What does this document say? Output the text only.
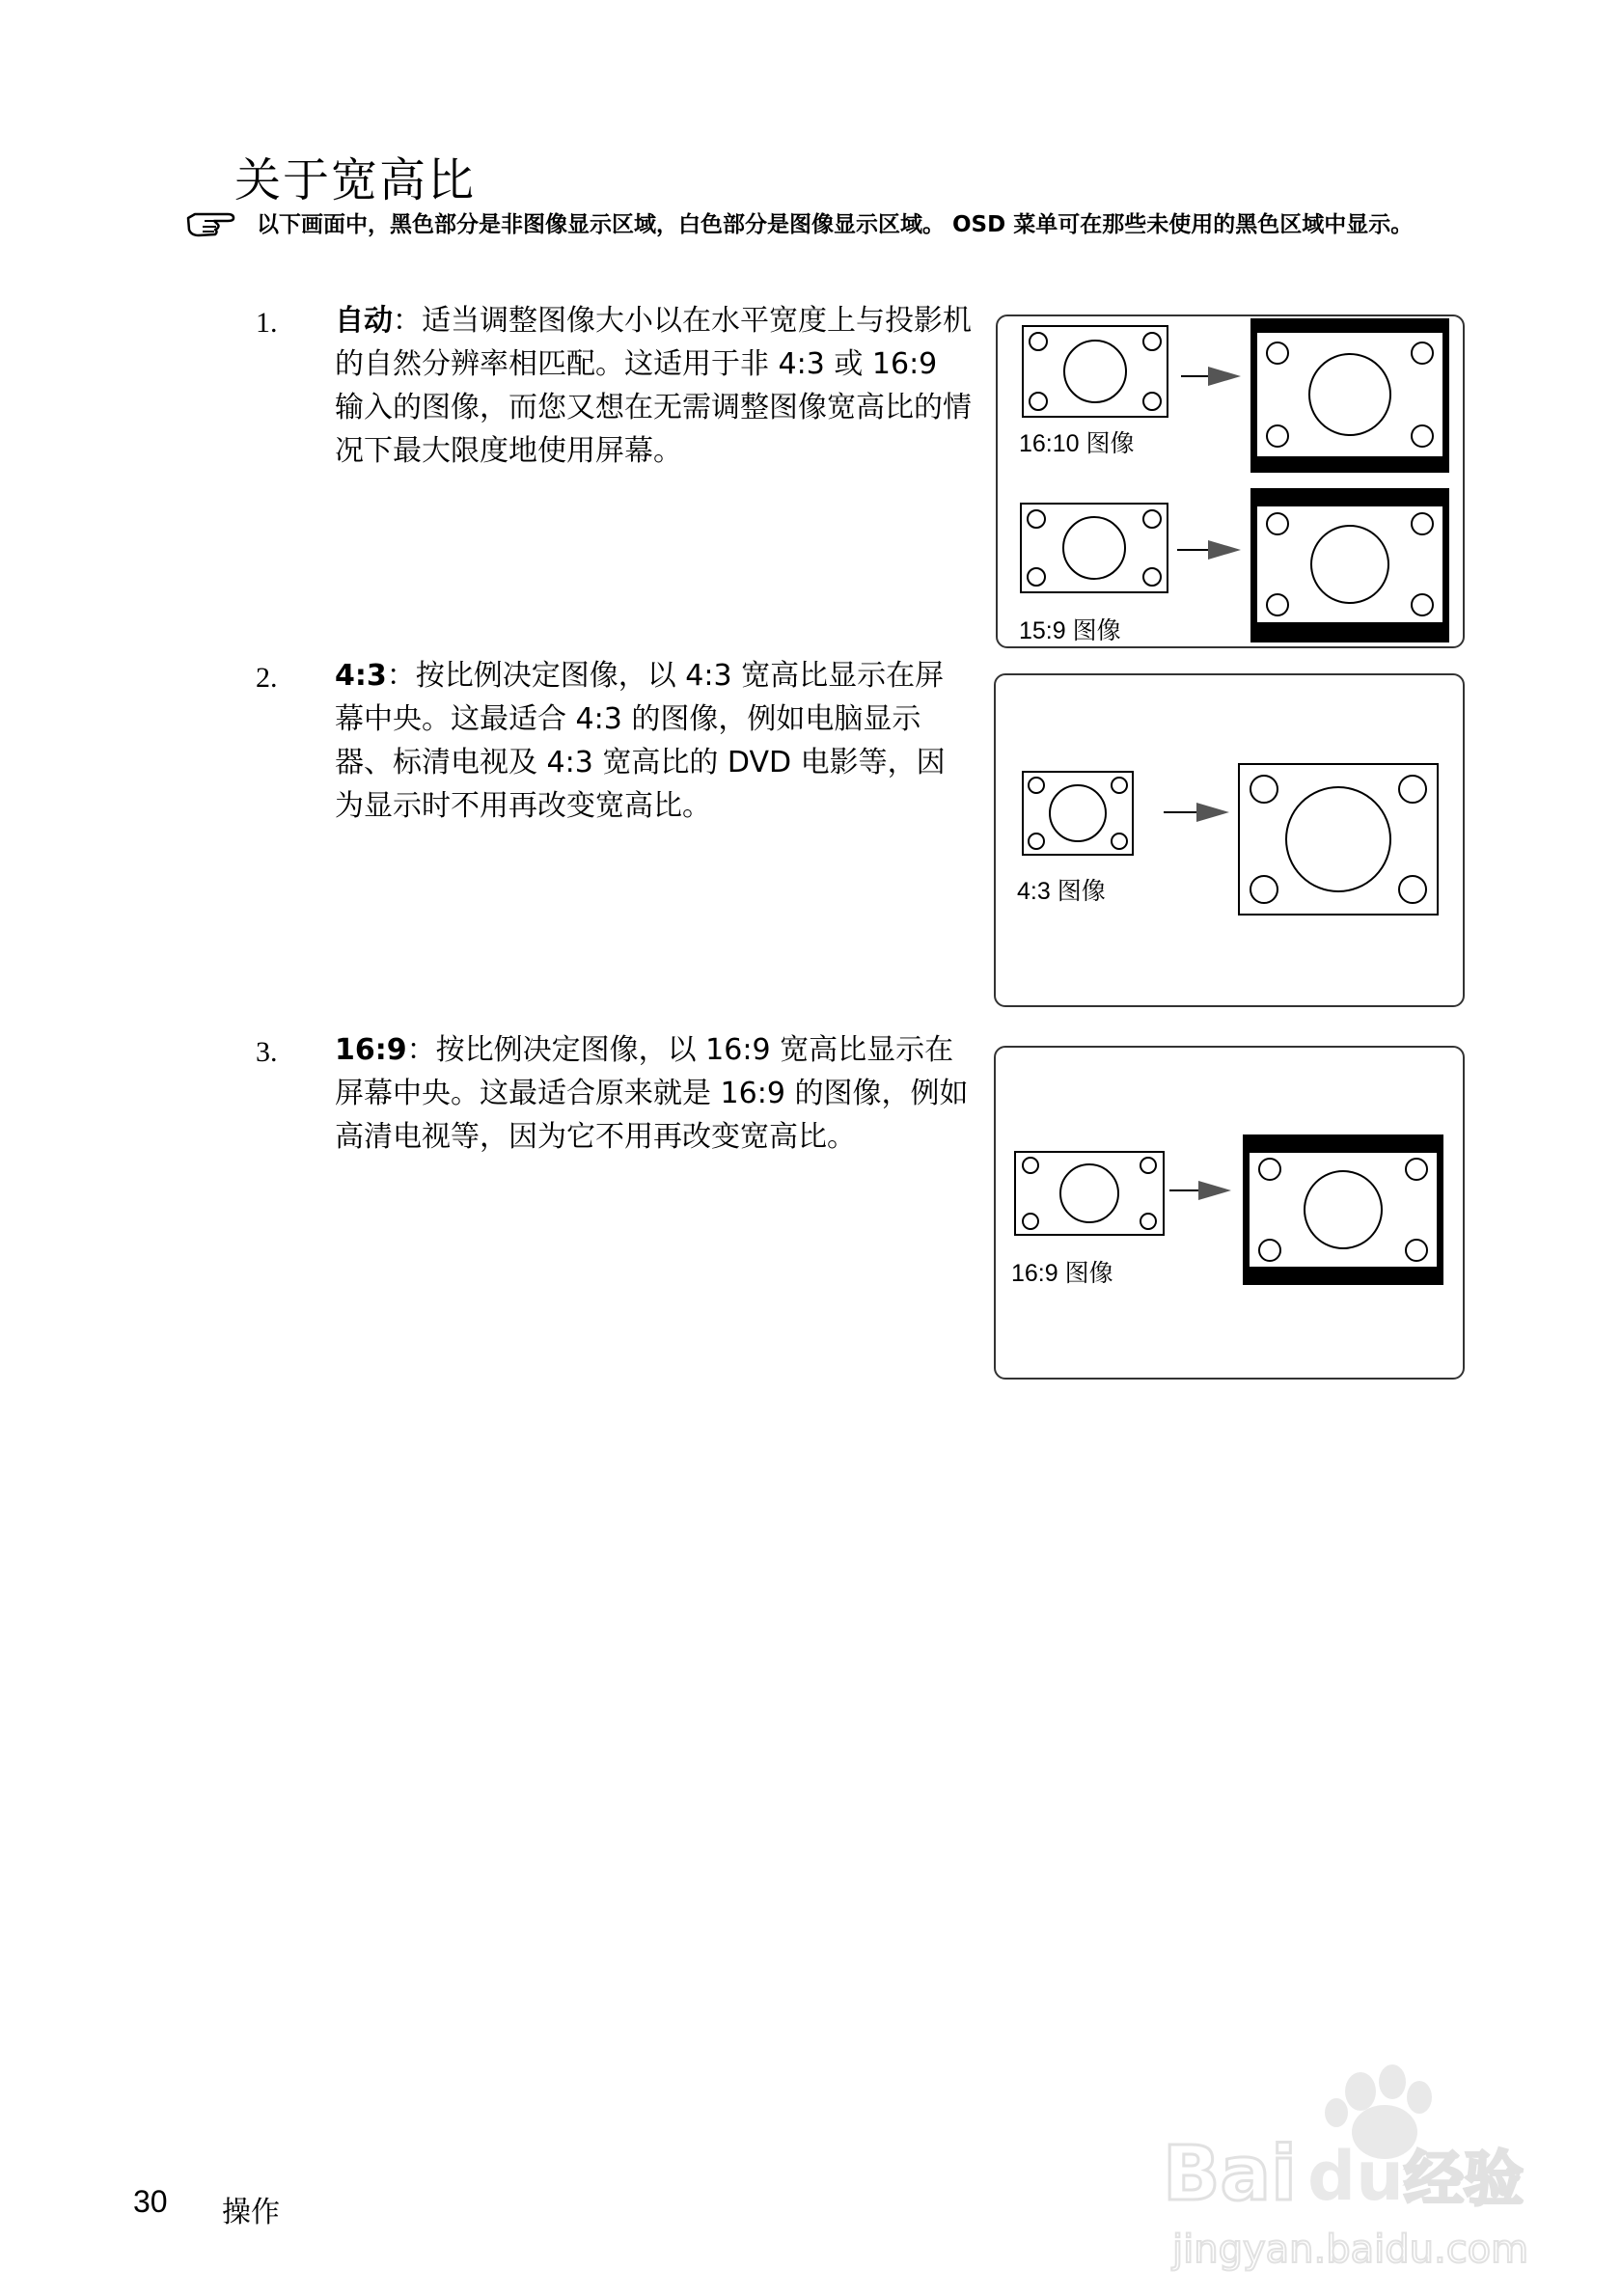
关于宽高比
以下画面中，黑色部分是非图像显示区域，白色部分是图像显示区域。 OSD 菜单可在那些未使用的黑色区域中显示。
1. 自动：适当调整图像大小以在水平宽度上与投影机的自然分辨率相匹配。这适用于非 4:3 或 16:9 输入的图像，而您又想在无需调整图像宽高比的情况下最大限度地使用屏幕。
2. 4:3：按比例决定图像，以 4:3 宽高比显示在屏幕中央。这最适合 4:3 的图像，例如电脑显示器、标清电视及 4:3 宽高比的 DVD 电影等，因为显示时不用再改变宽高比。
3. 16:9：按比例决定图像，以 16:9 宽高比显示在屏幕中央。这最适合原来就是 16:9 的图像，例如高清电视等，因为它不用再改变宽高比。
16:10 图像
15:9 图像
4:3 图像
16:9 图像
30 操作	Bai du 经验
jingyan.baidu.com
